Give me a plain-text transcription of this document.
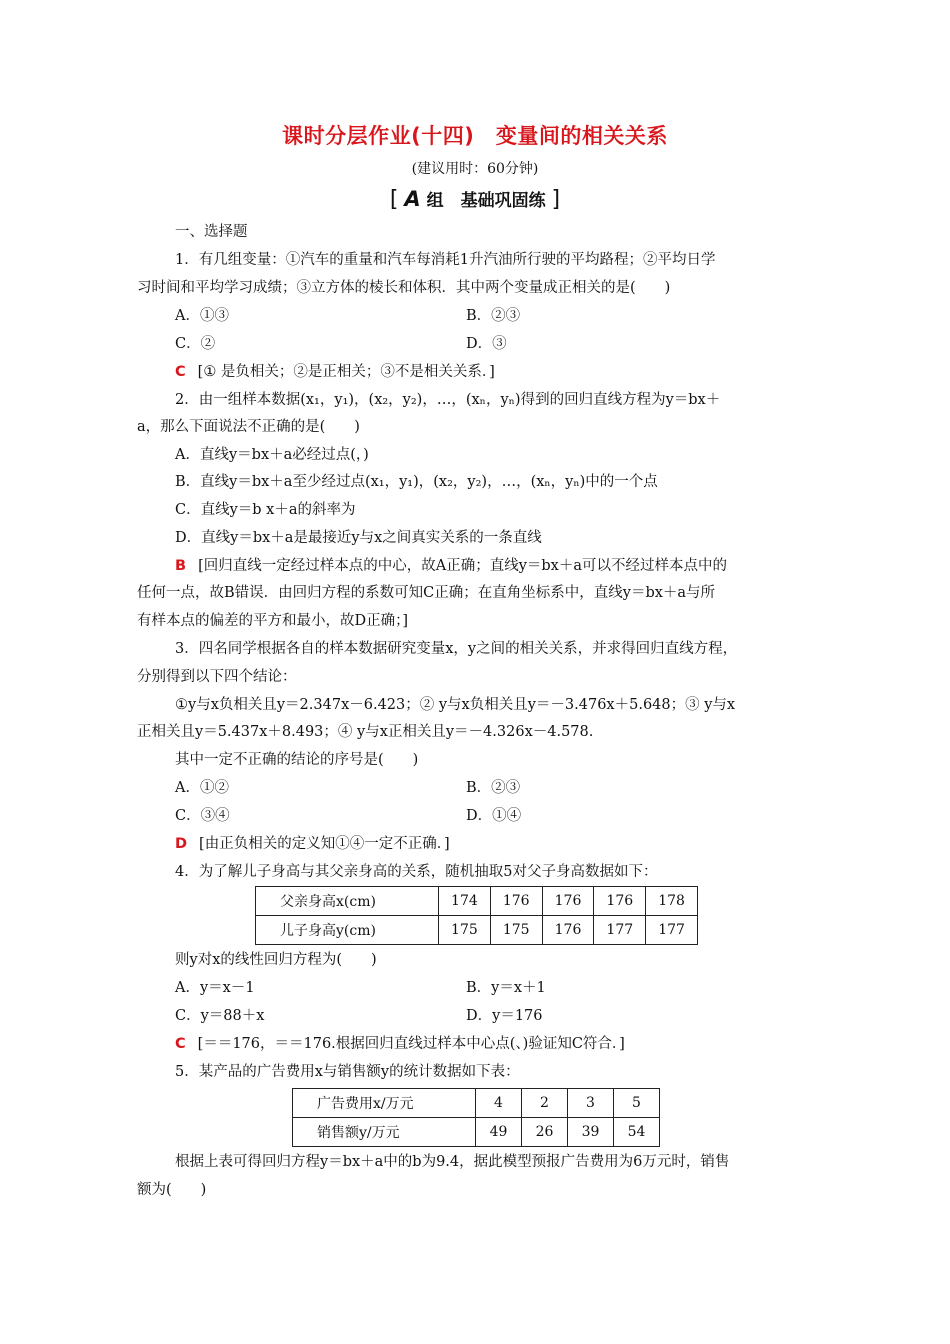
课时分层作业(十四)　变量间的相关关系
(建议用时：60分钟)
[ A 组　基础巩固练 ]
一、选择题
1．有几组变量：①汽车的重量和汽车每消耗1升汽油所行驶的平均路程；②平均日学
习时间和平均学习成绩；③立方体的棱长和体积．其中两个变量成正相关的是(　　)
A．①③	B．②③
C．②	D．③
C [① 是负相关；②是正相关；③不是相关关系．]
2．由一组样本数据(x₁，y₁)，(x₂，y₂)，…，(xₙ，yₙ)得到的回归直线方程为y＝bx＋
a，那么下面说法不正确的是(　　)
A．直线y＝bx＋a必经过点(，)
B．直线y＝bx＋a至少经过点(x₁，y₁)，(x₂，y₂)，…，(xₙ，yₙ)中的一个点
C．直线y＝b x＋a的斜率为
D．直线y＝bx＋a是最接近y与x之间真实关系的一条直线
B [回归直线一定经过样本点的中心，故A正确；直线y＝bx＋a可以不经过样本点中的
任何一点，故B错误．由回归方程的系数可知C正确；在直角坐标系中，直线y＝bx＋a与所
有样本点的偏差的平方和最小，故D正确；]
3．四名同学根据各自的样本数据研究变量x，y之间的相关关系，并求得回归直线方程，
分别得到以下四个结论：
①y与x负相关且y＝2.347x－6.423；② y与x负相关且y＝－3.476x＋5.648；③ y与x
正相关且y＝5.437x＋8.493；④ y与x正相关且y＝－4.326x－4.578.
其中一定不正确的结论的序号是(　　)
A．①②	B．②③
C．③④	D．①④
D [由正负相关的定义知①④一定不正确．]
4．为了解儿子身高与其父亲身高的关系，随机抽取5对父子身高数据如下：
父亲身高x(cm)	174	176	176	176	178
儿子身高y(cm)	175	175	176	177	177
则y对x的线性回归方程为(　　)
A．y＝x－1	B．y＝x＋1
C．y＝88＋x	D．y＝176
C [＝＝176，＝＝176.根据回归直线过样本中心点(、)验证知C符合．]
5．某产品的广告费用x与销售额y的统计数据如下表：
广告费用x/万元	4	2	3	5
销售额y/万元	49	26	39	54
根据上表可得回归方程y＝bx＋a中的b为9.4，据此模型预报广告费用为6万元时，销售
额为(　　)
